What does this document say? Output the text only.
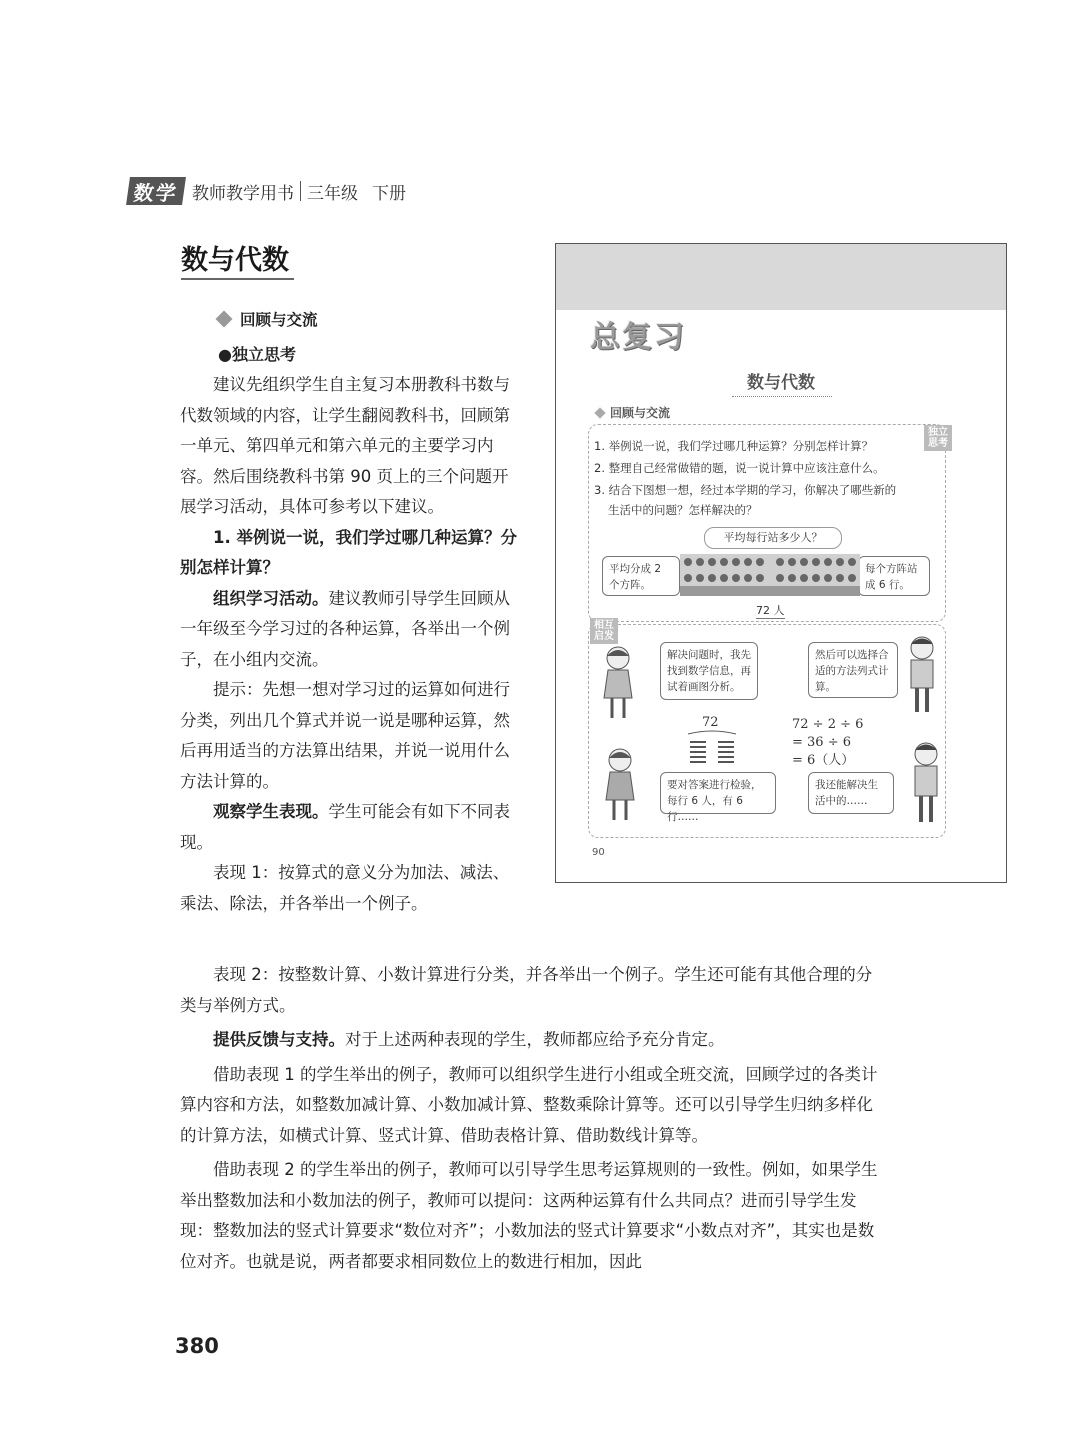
数学 教师教学用书 三年级 下册
数与代数
回顾与交流
●独立思考

建议先组织学生自主复习本册教科书数与代数领域的内容，让学生翻阅教科书，回顾第一单元、第四单元和第六单元的主要学习内容。然后围绕教科书第 90 页上的三个问题开展学习活动，具体可参考以下建议。

1. 举例说一说，我们学过哪几种运算？分别怎样计算？

组织学习活动。建议教师引导学生回顾从一年级至今学习过的各种运算，各举出一个例子，在小组内交流。

提示：先想一想对学习过的运算如何进行分类，列出几个算式并说一说是哪种运算，然后再用适当的方法算出结果，并说一说用什么方法计算的。

观察学生表现。学生可能会有如下不同表现。

表现 1：按算式的意义分为加法、减法、乘法、除法，并各举出一个例子。

表现 2：按整数计算、小数计算进行分类，并各举出一个例子。学生还可能有其他合理的分类与举例方式。

提供反馈与支持。对于上述两种表现的学生，教师都应给予充分肯定。

借助表现 1 的学生举出的例子，教师可以组织学生进行小组或全班交流，回顾学过的各类计算内容和方法，如整数加减计算、小数加减计算、整数乘除计算等。还可以引导学生归纳多样化的计算方法，如横式计算、竖式计算、借助表格计算、借助数线计算等。

借助表现 2 的学生举出的例子，教师可以引导学生思考运算规则的一致性。例如，如果学生举出整数加法和小数加法的例子，教师可以提问：这两种运算有什么共同点？进而引导学生发现：整数加法的竖式计算要求“数位对齐”；小数加法的竖式计算要求“小数点对齐”，其实也是数位对齐。也就是说，两者都要求相同数位上的数进行相加，因此

总复习
数与代数
回顾与交流
独立思考
1. 举例说一说，我们学过哪几种运算？分别怎样计算？
2. 整理自己经常做错的题，说一说计算中应该注意什么。
3. 结合下图想一想，经过本学期的学习，你解决了哪些新的
生活中的问题？怎样解决的？
平均每行站多少人？
平均分成 2 个方阵。
每个方阵站成 6 行。
72 人
相互启发
解决问题时，我先找到数学信息，再试着画图分析。
然后可以选择合适的方法列式计算。
要对答案进行检验，每行 6 人，有 6 行……
我还能解决生活中的……
72	72 ÷ 2 ÷ 6
= 36 ÷ 6
= 6（人）
90
380
